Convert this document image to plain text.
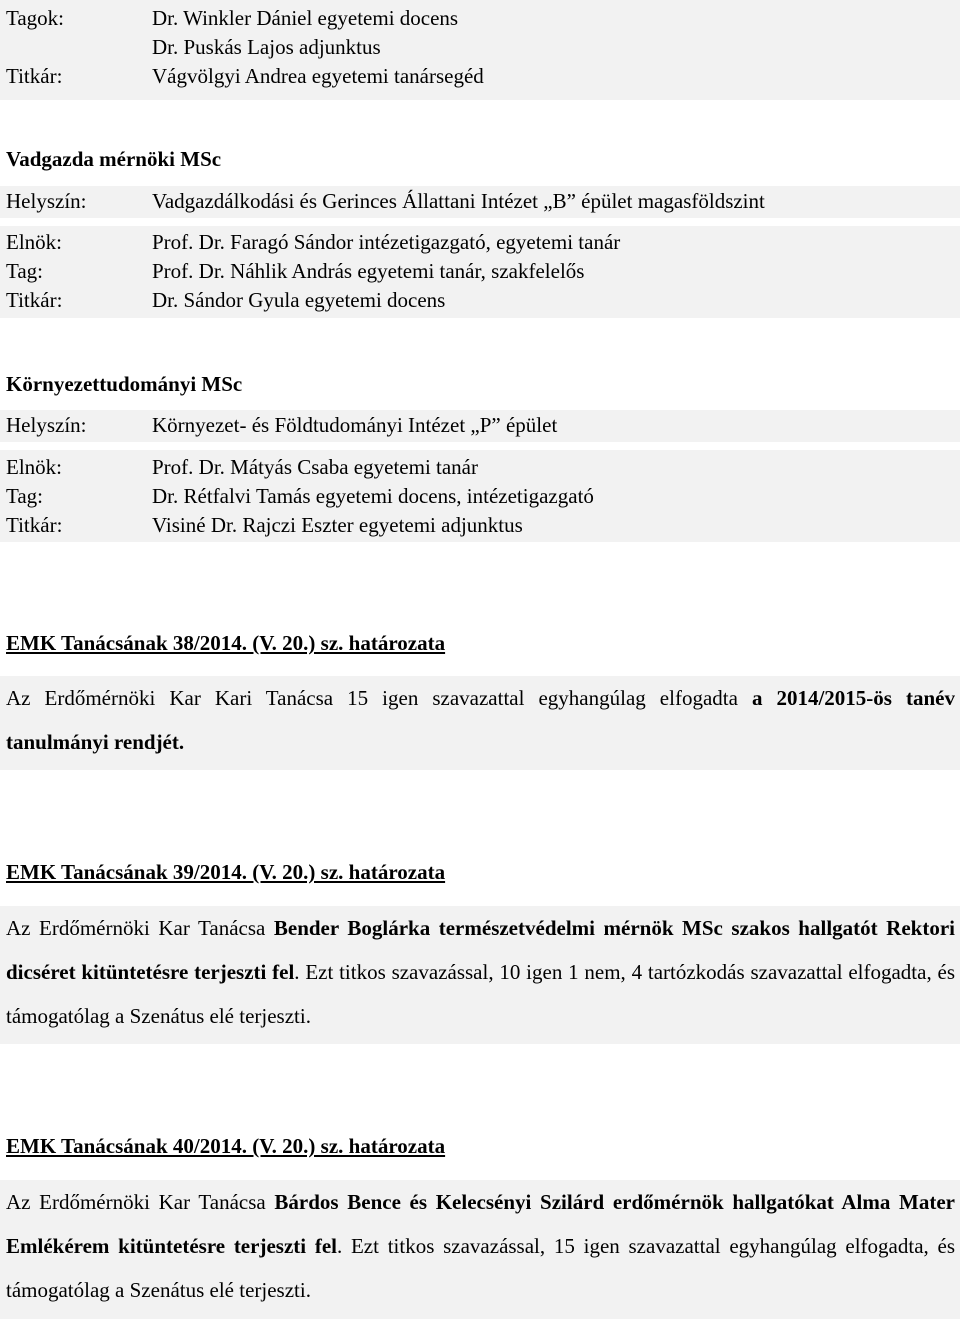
Tagok:	Dr. Winkler Dániel egyetemi docens
Dr. Puskás Lajos adjunktus
Titkár:	Vágvölgyi Andrea egyetemi tanársegéd
Vadgazda mérnöki MSc
Helyszín:	Vadgazdálkodási és Gerinces Állattani Intézet „B” épület magasföldszint
Elnök:	Prof. Dr. Faragó Sándor intézetigazgató, egyetemi tanár
Tag:	Prof. Dr. Náhlik András egyetemi tanár, szakfelelős
Titkár:	Dr. Sándor Gyula egyetemi docens
Környezettudományi MSc
Helyszín:	Környezet- és Földtudományi Intézet „P” épület
Elnök:	Prof. Dr. Mátyás Csaba egyetemi tanár
Tag:	Dr. Rétfalvi Tamás egyetemi docens, intézetigazgató
Titkár:	Visiné Dr. Rajczi Eszter egyetemi adjunktus
EMK Tanácsának 38/2014. (V. 20.) sz. határozata
Az Erdőmérnöki Kar Kari Tanácsa 15 igen szavazattal egyhangúlag elfogadta a 2014/2015-ös tanév tanulmányi rendjét.
EMK Tanácsának 39/2014. (V. 20.) sz. határozata
Az Erdőmérnöki Kar Tanácsa Bender Boglárka természetvédelmi mérnök MSc szakos hallgatót Rektori dicséret kitüntetésre terjeszti fel. Ezt titkos szavazással, 10 igen 1 nem, 4 tartózkodás szavazattal elfogadta, és támogatólag a Szenátus elé terjeszti.
EMK Tanácsának 40/2014. (V. 20.) sz. határozata
Az Erdőmérnöki Kar Tanácsa Bárdos Bence és Kelecsényi Szilárd erdőmérnök hallgatókat Alma Mater Emlékérem kitüntetésre terjeszti fel. Ezt titkos szavazással, 15 igen szavazattal egyhangúlag elfogadta, és támogatólag a Szenátus elé terjeszti.
